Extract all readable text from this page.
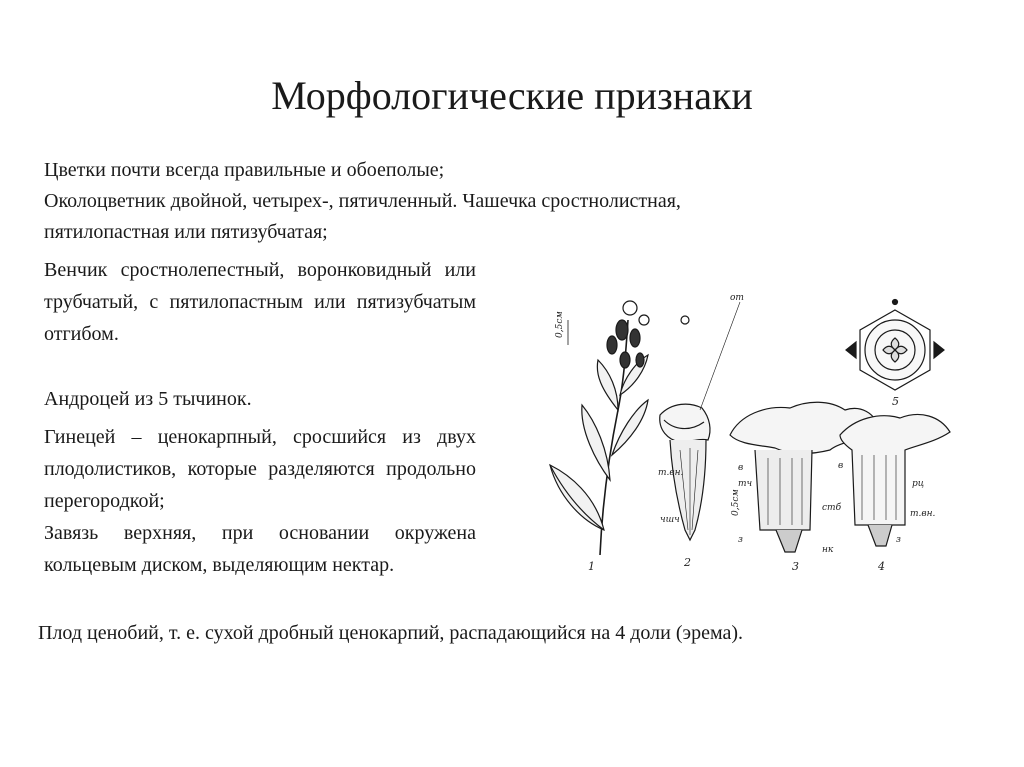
Морфологические признаки
Цветки почти всегда правильные и обоеполые;
Околоцветник двойной, четырех-, пятичленный. Чашечка сростнолистная,
пятилопастная или пятизубчатая;
Венчик сростнолепестный, воронковидный или трубчатый, с пятилопастным или пятизубчатым отгибом.
Андроцей из 5 тычинок.
Гинецей – ценокарпный, сросшийся из двух плодолистиков, которые разделяются продольно перегородкой;
Завязь верхняя, при основании окружена кольцевым диском, выделяющим нектар.
Плод ценобий, т. е. сухой дробный ценокарпий, распадающийся на 4 доли (эрема).
0,5см
1
т.вн.
чшч
2
от
в
тч
стб
в
рц
т.вн.
з	з
нк
0,5см
3	4
5
